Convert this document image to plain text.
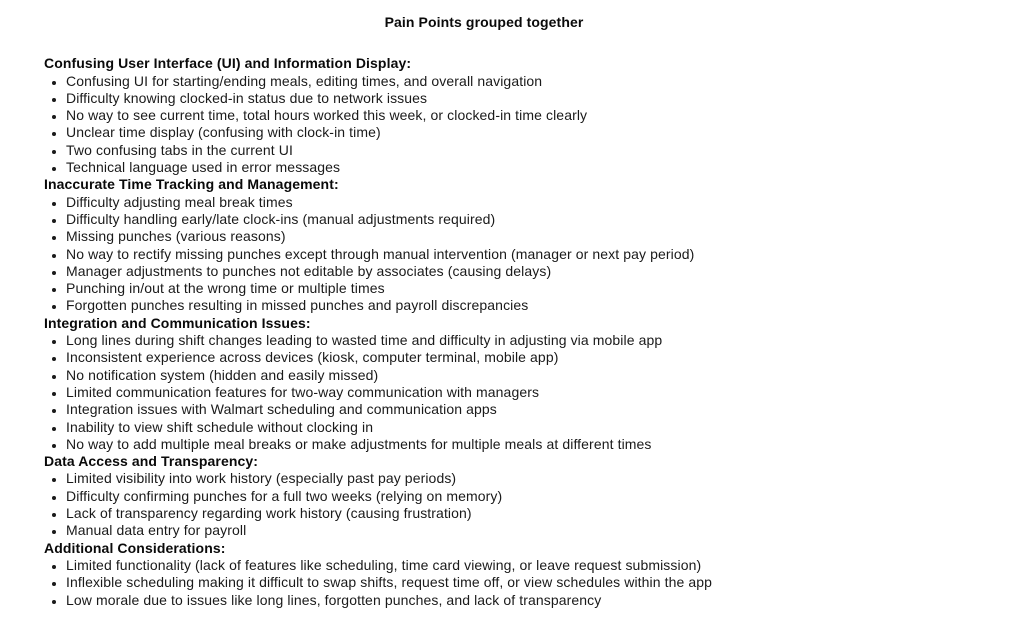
Pain Points grouped together
Confusing User Interface (UI) and Information Display:
• Confusing UI for starting/ending meals, editing times, and overall navigation
• Difficulty knowing clocked-in status due to network issues
• No way to see current time, total hours worked this week, or clocked-in time clearly
• Unclear time display (confusing with clock-in time)
• Two confusing tabs in the current UI
• Technical language used in error messages
Inaccurate Time Tracking and Management:
• Difficulty adjusting meal break times
• Difficulty handling early/late clock-ins (manual adjustments required)
• Missing punches (various reasons)
• No way to rectify missing punches except through manual intervention (manager or next pay period)
• Manager adjustments to punches not editable by associates (causing delays)
• Punching in/out at the wrong time or multiple times
• Forgotten punches resulting in missed punches and payroll discrepancies
Integration and Communication Issues:
• Long lines during shift changes leading to wasted time and difficulty in adjusting via mobile app
• Inconsistent experience across devices (kiosk, computer terminal, mobile app)
• No notification system (hidden and easily missed)
• Limited communication features for two-way communication with managers
• Integration issues with Walmart scheduling and communication apps
• Inability to view shift schedule without clocking in
• No way to add multiple meal breaks or make adjustments for multiple meals at different times
Data Access and Transparency:
• Limited visibility into work history (especially past pay periods)
• Difficulty confirming punches for a full two weeks (relying on memory)
• Lack of transparency regarding work history (causing frustration)
• Manual data entry for payroll
Additional Considerations:
• Limited functionality (lack of features like scheduling, time card viewing, or leave request submission)
• Inflexible scheduling making it difficult to swap shifts, request time off, or view schedules within the app
• Low morale due to issues like long lines, forgotten punches, and lack of transparency
